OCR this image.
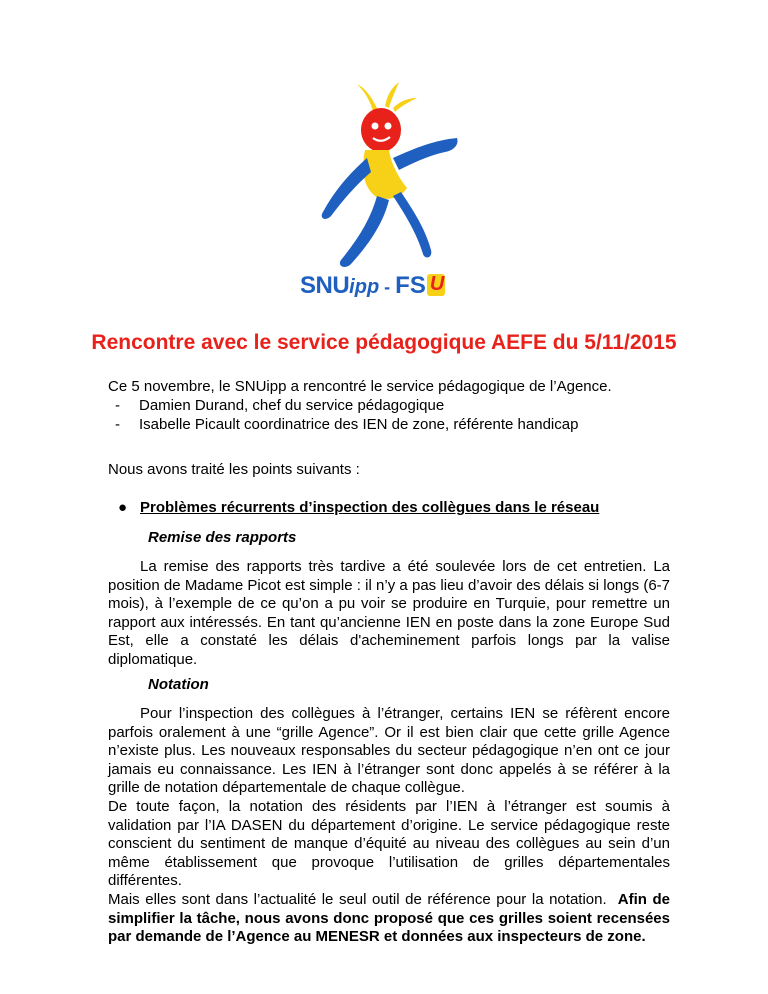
SNUipp - FS U
Rencontre avec le service pédagogique AEFE du 5/11/2015

Ce 5 novembre, le SNUipp a rencontré le service pédagogique de l’Agence.

- Damien Durand, chef du service pédagogique
- Isabelle Picault coordinatrice des IEN de zone, référente handicap

Nous avons traité les points suivants :

● Problèmes récurrents d’inspection des collègues dans le réseau

Remise des rapports

La remise des rapports très tardive a été soulevée lors de cet entretien. La position de Madame Picot est simple : il n’y a pas lieu d’avoir des délais si longs (6-7 mois), à l’exemple de ce qu’on a pu voir se produire en Turquie, pour remettre un rapport aux intéressés. En tant qu’ancienne IEN en poste dans la zone Europe Sud Est, elle a constaté les délais d'acheminement parfois longs par la valise diplomatique.

Notation

Pour l’inspection des collègues à l’étranger, certains IEN se réfèrent encore parfois oralement à une “grille Agence”. Or il est bien clair que cette grille Agence n’existe plus. Les nouveaux responsables du secteur pédagogique n’en ont ce jour jamais eu connaissance. Les IEN à l’étranger sont donc appelés à se référer à la grille de notation départementale de chaque collègue.
De toute façon, la notation des résidents par l’IEN à l’étranger est soumis à validation par l’IA DASEN du département d’origine. Le service pédagogique reste conscient du sentiment de manque d’équité au niveau des collègues au sein d’un même établissement que provoque l’utilisation de grilles départementales différentes.
Mais elles sont dans l’actualité le seul outil de référence pour la notation. Afin de simplifier la tâche, nous avons donc proposé que ces grilles soient recensées par demande de l’Agence au MENESR et données aux inspecteurs de zone.
